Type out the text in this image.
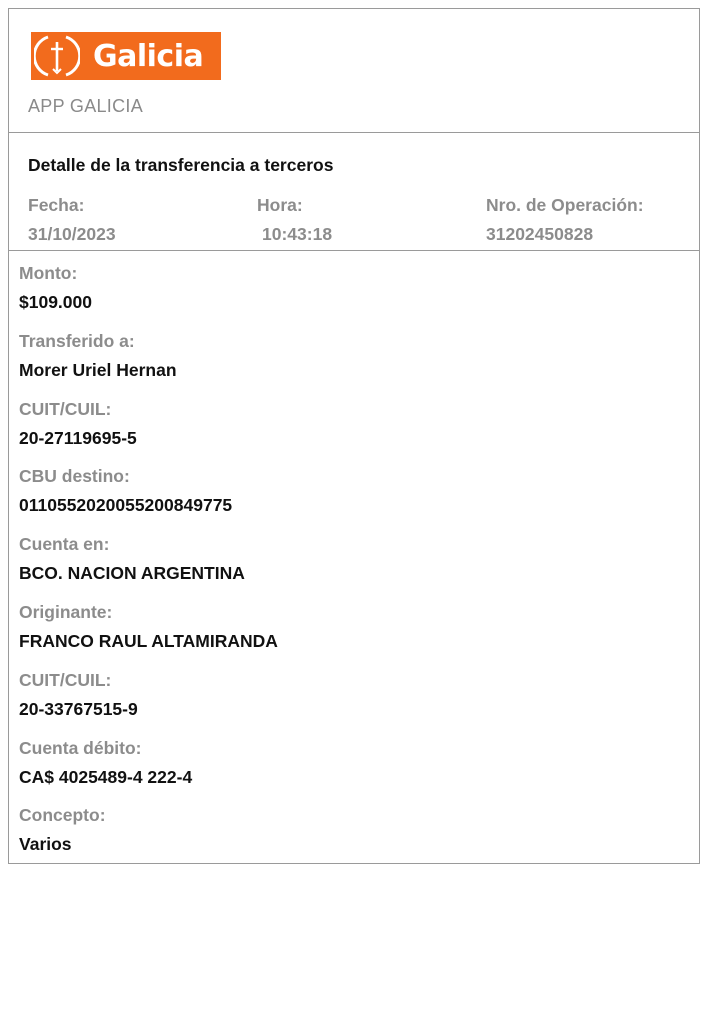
Galicia
APP GALICIA
Detalle de la transferencia a terceros
Fecha:
31/10/2023
Hora:
10:43:18
Nro. de Operación:
31202450828
Monto:
$109.000
Transferido a:
Morer Uriel Hernan
CUIT/CUIL:
20-27119695-5
CBU destino:
0110552020055200849775
Cuenta en:
BCO. NACION ARGENTINA
Originante:
FRANCO RAUL ALTAMIRANDA
CUIT/CUIL:
20-33767515-9
Cuenta débito:
CA$ 4025489-4 222-4
Concepto:
Varios
